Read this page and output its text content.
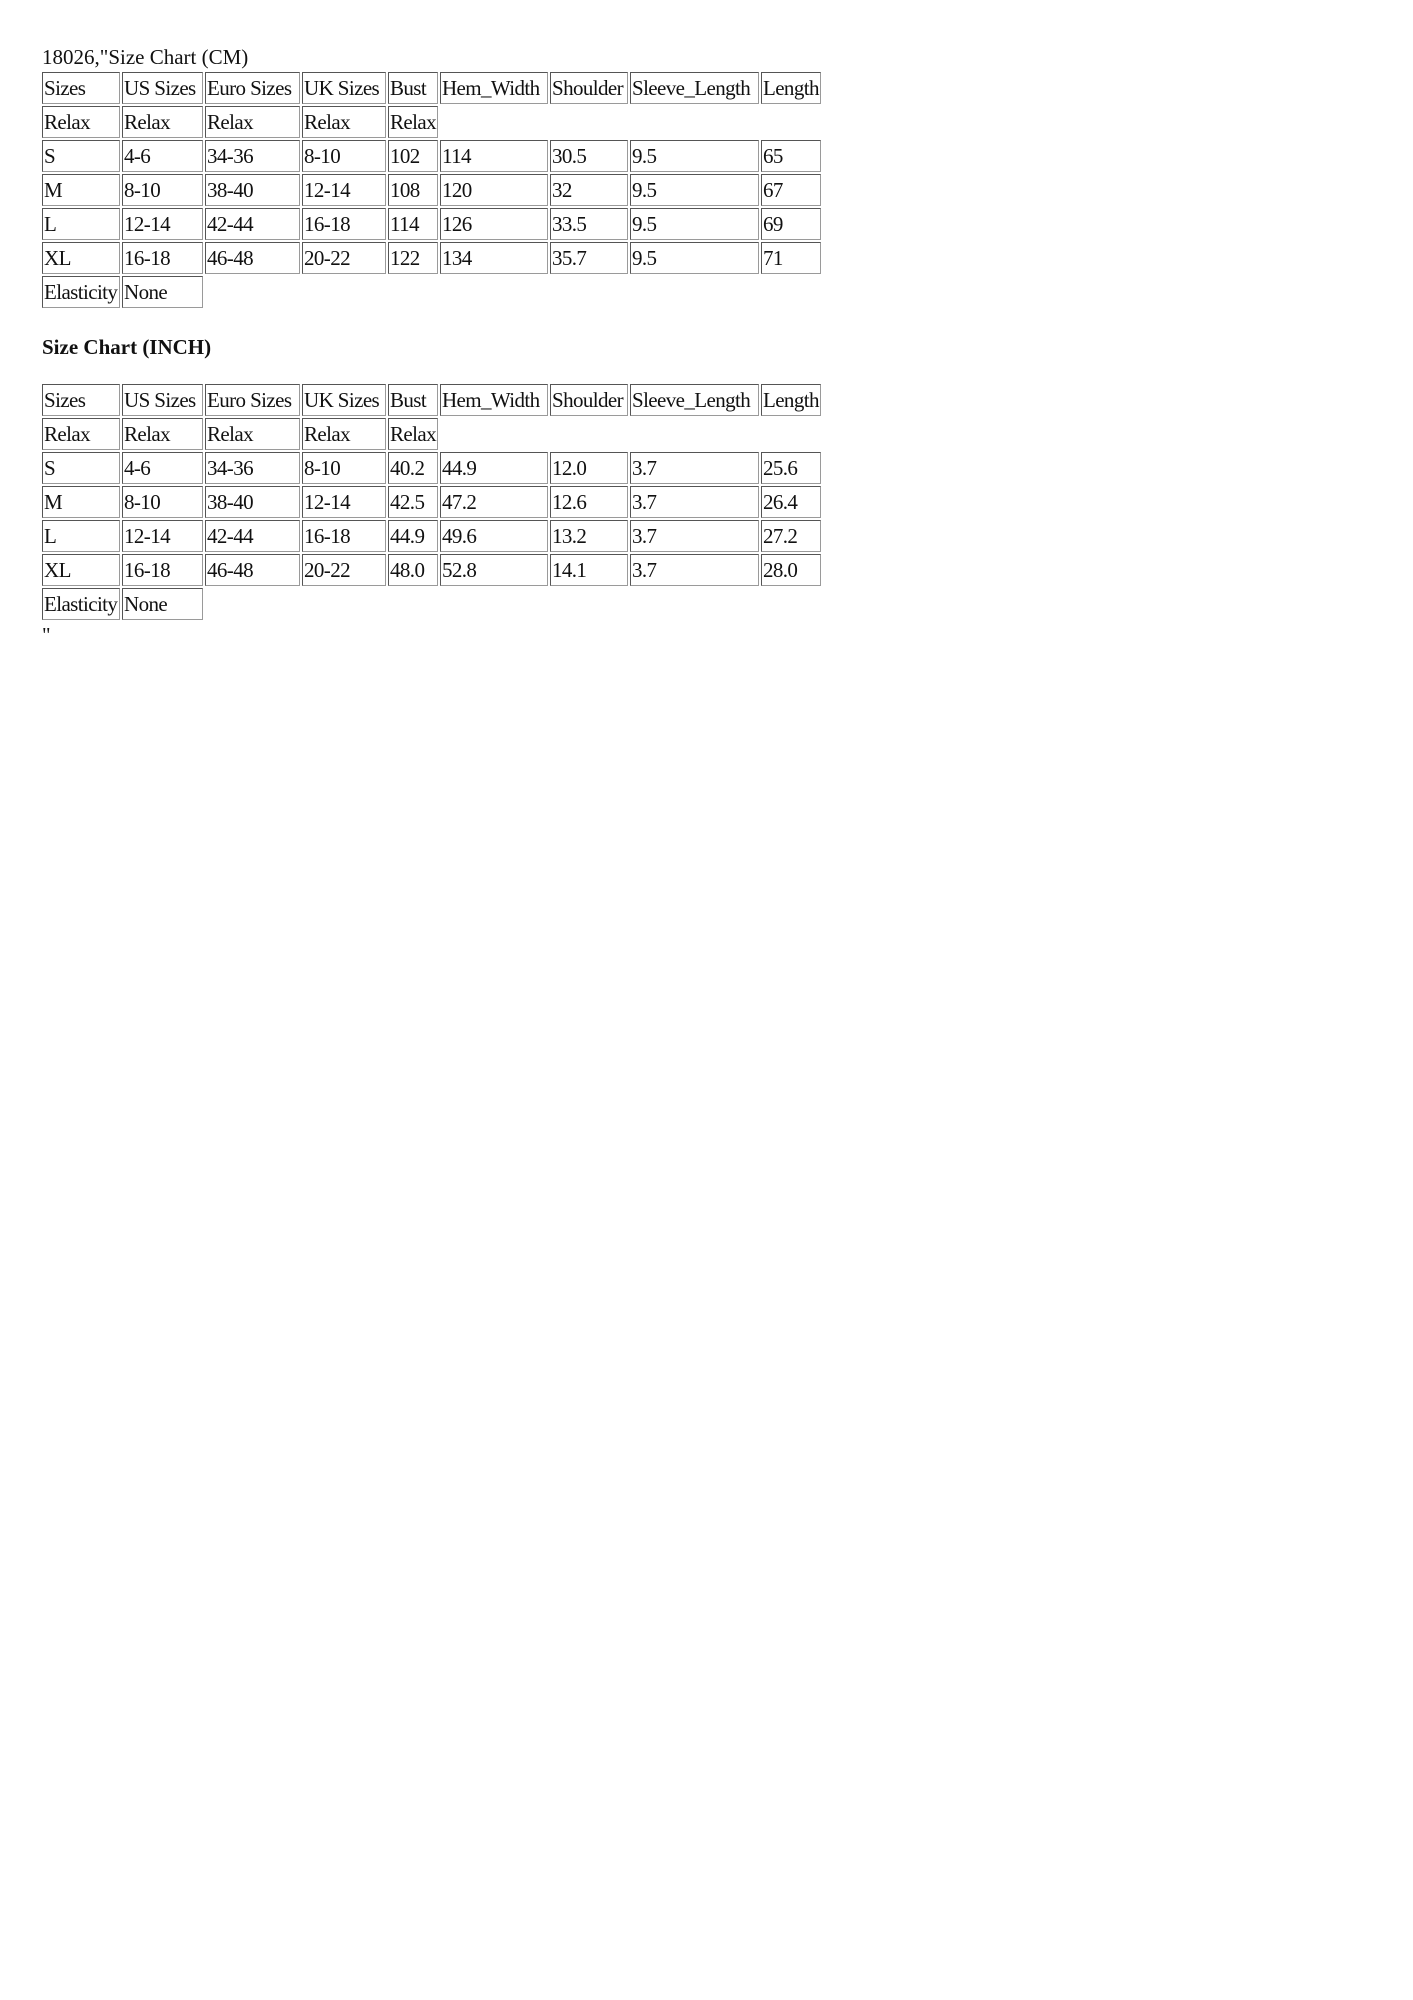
18026,"Size Chart (CM)
Sizes	US Sizes	Euro Sizes	UK Sizes	Bust	Hem_Width	Shoulder	Sleeve_Length	Length
Relax	Relax	Relax	Relax	Relax				
S	4-6	34-36	8-10	102	114	30.5	9.5	65
M	8-10	38-40	12-14	108	120	32	9.5	67
L	12-14	42-44	16-18	114	126	33.5	9.5	69
XL	16-18	46-48	20-22	122	134	35.7	9.5	71
Elasticity	None							
Size Chart (INCH)
Sizes	US Sizes	Euro Sizes	UK Sizes	Bust	Hem_Width	Shoulder	Sleeve_Length	Length
Relax	Relax	Relax	Relax	Relax				
S	4-6	34-36	8-10	40.2	44.9	12.0	3.7	25.6
M	8-10	38-40	12-14	42.5	47.2	12.6	3.7	26.4
L	12-14	42-44	16-18	44.9	49.6	13.2	3.7	27.2
XL	16-18	46-48	20-22	48.0	52.8	14.1	3.7	28.0
Elasticity	None							
"
